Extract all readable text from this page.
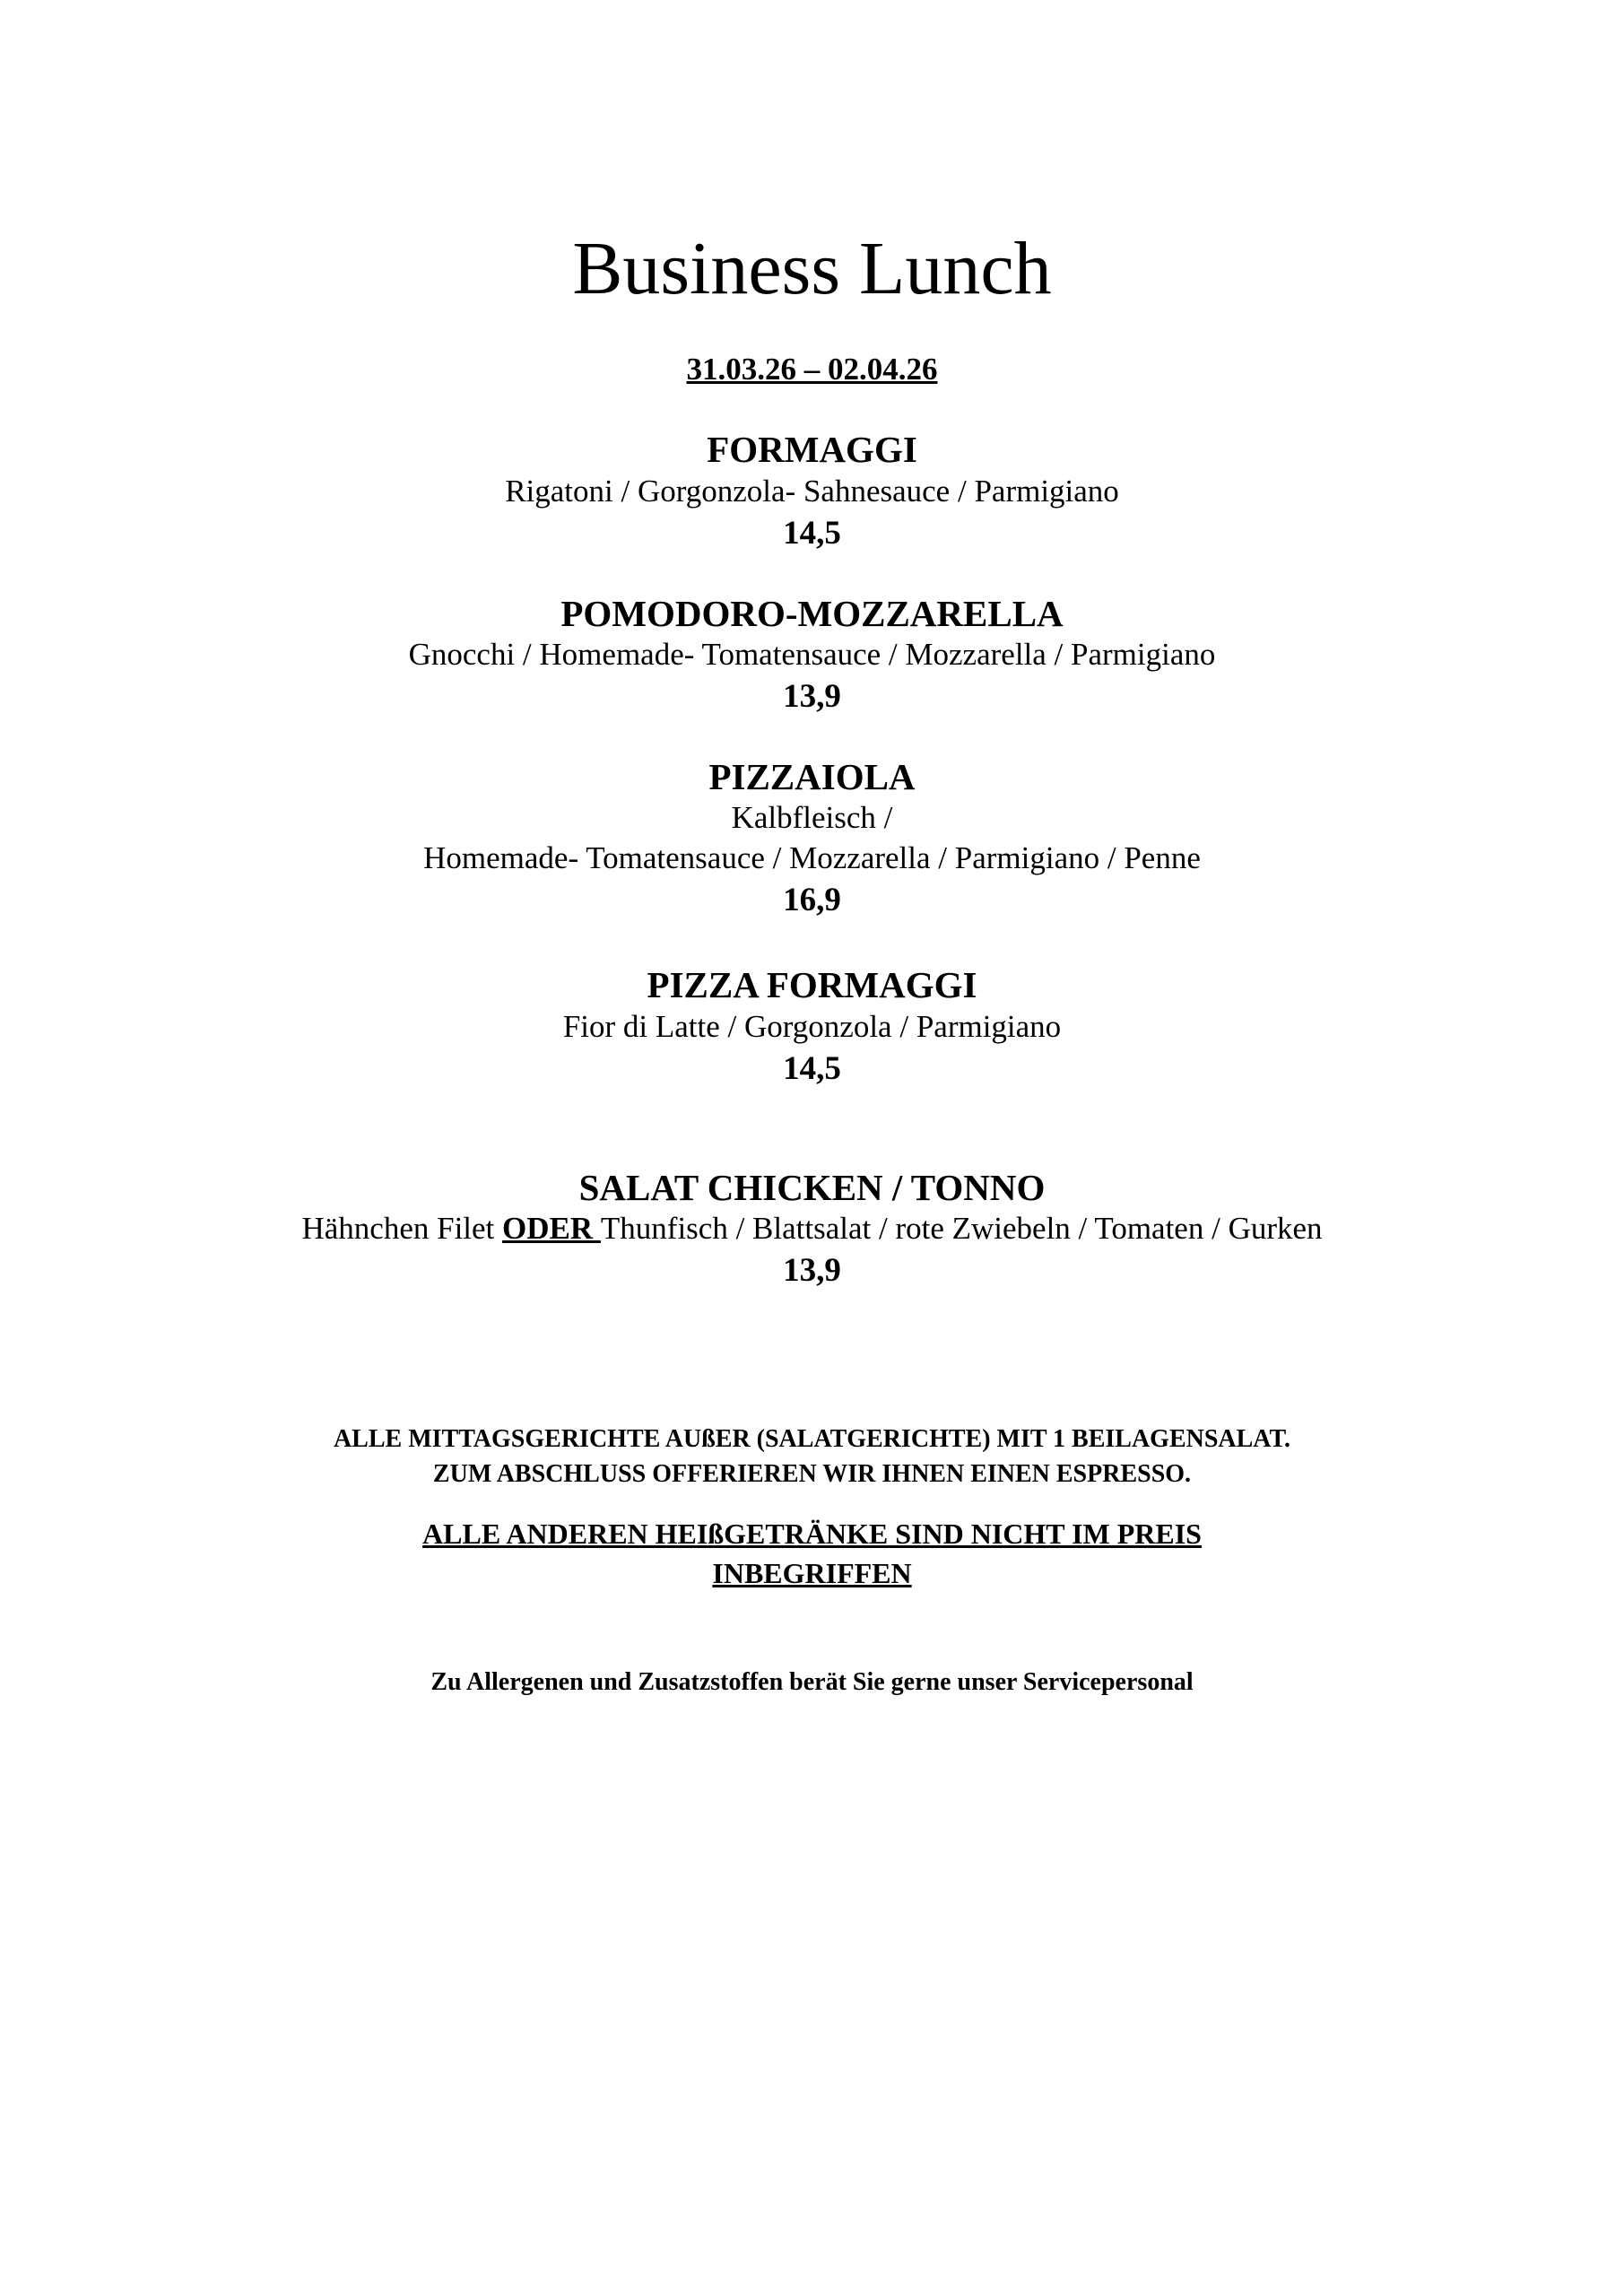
Business Lunch
31.03.26 – 02.04.26
FORMAGGI
Rigatoni / Gorgonzola- Sahnesauce / Parmigiano
14,5
POMODORO-MOZZARELLA
Gnocchi / Homemade- Tomatensauce / Mozzarella / Parmigiano
13,9
PIZZAIOLA
Kalbfleisch /
Homemade- Tomatensauce / Mozzarella / Parmigiano / Penne
16,9
PIZZA FORMAGGI
Fior di Latte / Gorgonzola / Parmigiano
14,5
SALAT CHICKEN / TONNO
Hähnchen Filet ODER Thunfisch / Blattsalat / rote Zwiebeln / Tomaten / Gurken
13,9
ALLE MITTAGSGERICHTE AUßER (SALATGERICHTE) MIT 1 BEILAGENSALAT.
ZUM ABSCHLUSS OFFERIEREN WIR IHNEN EINEN ESPRESSO.
ALLE ANDEREN HEIßGETRÄNKE SIND NICHT IM PREIS
INBEGRIFFEN
Zu Allergenen und Zusatzstoffen berät Sie gerne unser Servicepersonal
